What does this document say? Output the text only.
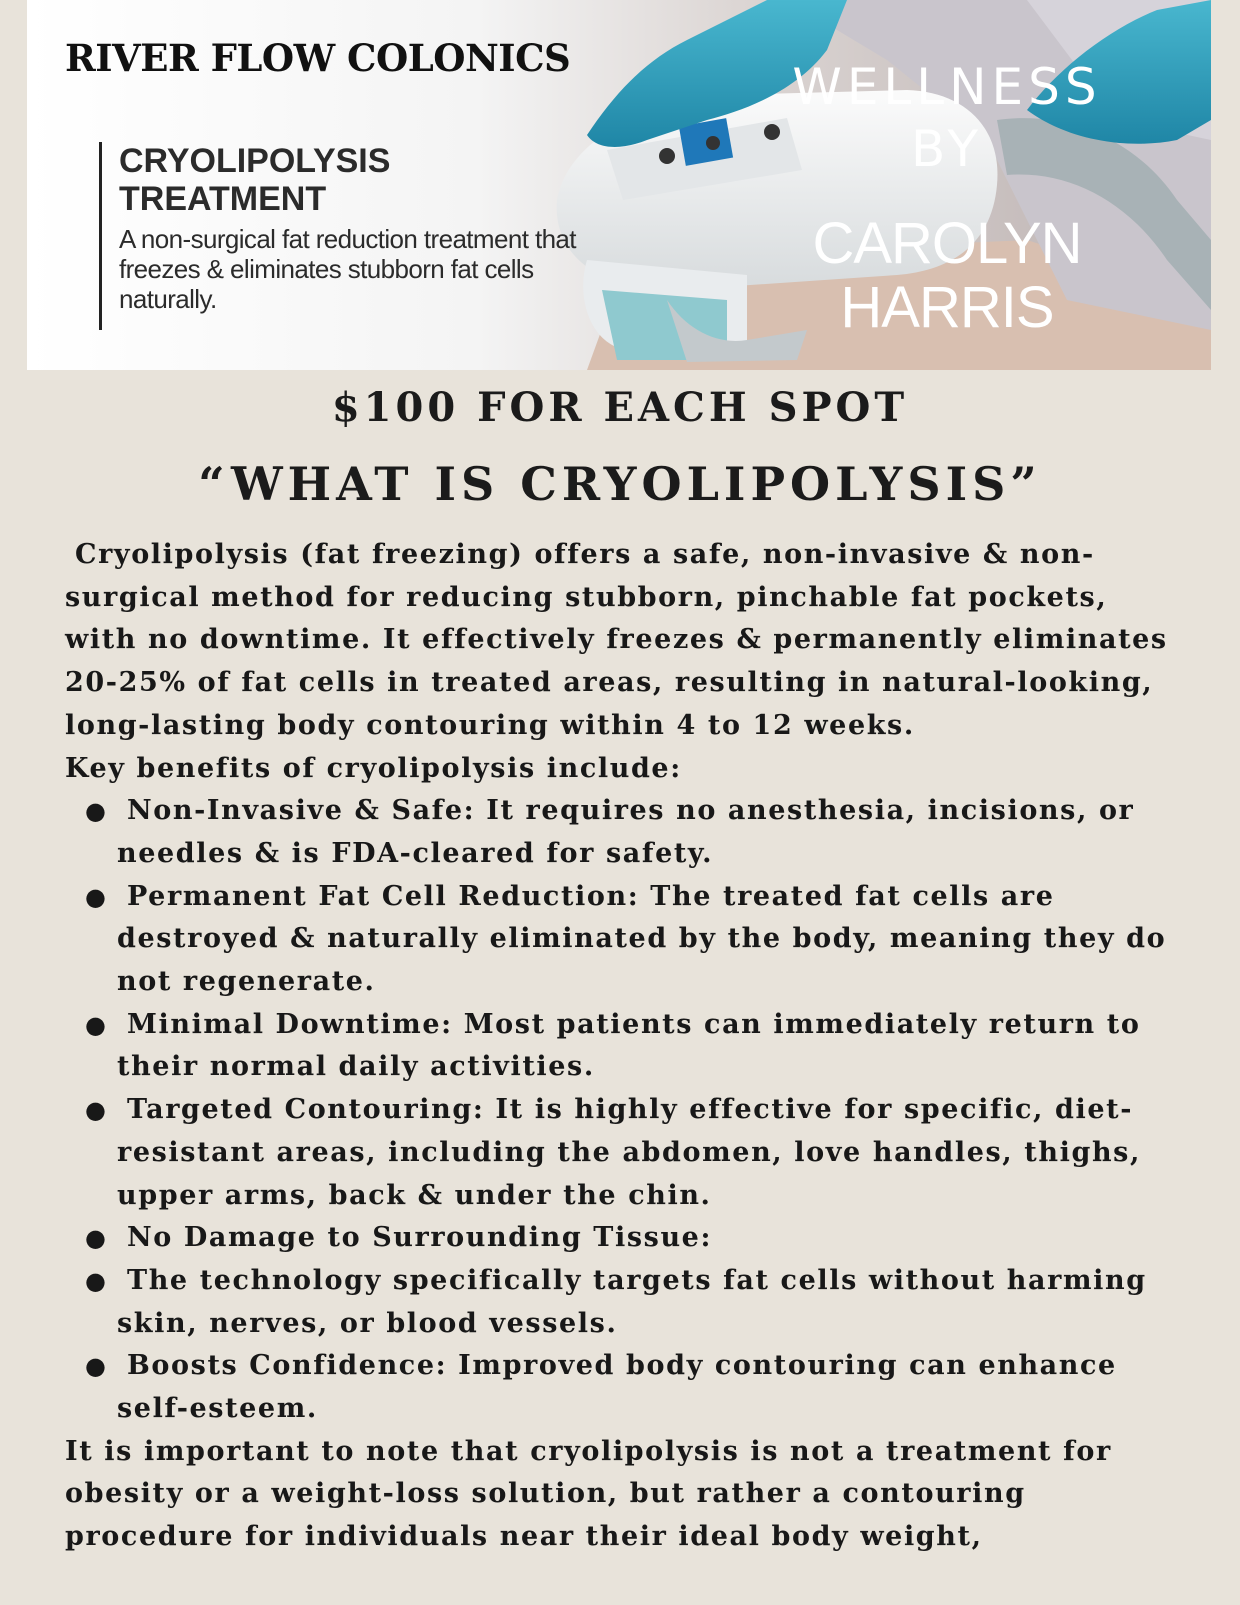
RIVER FLOW COLONICS
CRYOLIPOLYSIS TREATMENT
A non-surgical fat reduction treatment that freezes & eliminates stubborn fat cells naturally.
WELLNESS
BY
CAROLYN
HARRIS
$100 FOR EACH SPOT
“WHAT IS CRYOLIPOLYSIS”

Cryolipolysis (fat freezing) offers a safe, non-invasive & non-surgical method for reducing stubborn, pinchable fat pockets, with no downtime. It effectively freezes & permanently eliminates 20-25% of fat cells in treated areas, resulting in natural-looking, long-lasting body contouring within 4 to 12 weeks.

Key benefits of cryolipolysis include:

● Non-Invasive & Safe: It requires no anesthesia, incisions, or needles & is FDA-cleared for safety.
● Permanent Fat Cell Reduction: The treated fat cells are destroyed & naturally eliminated by the body, meaning they do not regenerate.
● Minimal Downtime: Most patients can immediately return to their normal daily activities.
● Targeted Contouring: It is highly effective for specific, diet-resistant areas, including the abdomen, love handles, thighs, upper arms, back & under the chin.
● No Damage to Surrounding Tissue:
● The technology specifically targets fat cells without harming skin, nerves, or blood vessels.
● Boosts Confidence: Improved body contouring can enhance self-esteem.

It is important to note that cryolipolysis is not a treatment for obesity or a weight-loss solution, but rather a contouring procedure for individuals near their ideal body weight,
